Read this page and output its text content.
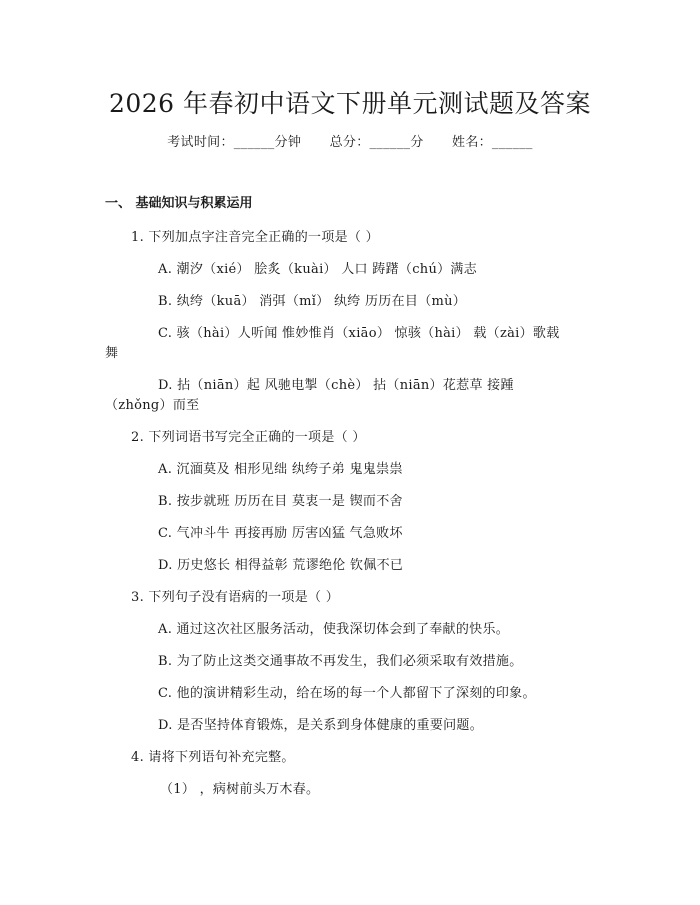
2026 年春初中语文下册单元测试题及答案
考试时间：______分钟 总分：______分 姓名：______
一、 基础知识与积累运用
1. 下列加点字注音完全正确的一项是（ ）
A. 潮汐（xié） 脍炙（kuài） 人口 踌躇（chú）满志
B. 纨绔（kuā） 消弭（mǐ） 纨绔 历历在目（mù）
C. 骇（hài）人听闻 惟妙惟肖（xiāo） 惊骇（hài） 载（zài）歌载
舞
D. 拈（niān）起 风驰电掣（chè） 拈（niān）花惹草 接踵
（zhǒng）而至
2. 下列词语书写完全正确的一项是（ ）
A. 沉湎莫及 相形见绌 纨绔子弟 鬼鬼祟祟
B. 按步就班 历历在目 莫衷一是 锲而不舍
C. 气冲斗牛 再接再励 厉害凶猛 气急败坏
D. 历史悠长 相得益彰 荒谬绝伦 钦佩不已
3. 下列句子没有语病的一项是（ ）
A. 通过这次社区服务活动，使我深切体会到了奉献的快乐。
B. 为了防止这类交通事故不再发生，我们必须采取有效措施。
C. 他的演讲精彩生动，给在场的每一个人都留下了深刻的印象。
D. 是否坚持体育锻炼，是关系到身体健康的重要问题。
4. 请将下列语句补充完整。
（1） ，病树前头万木春。
